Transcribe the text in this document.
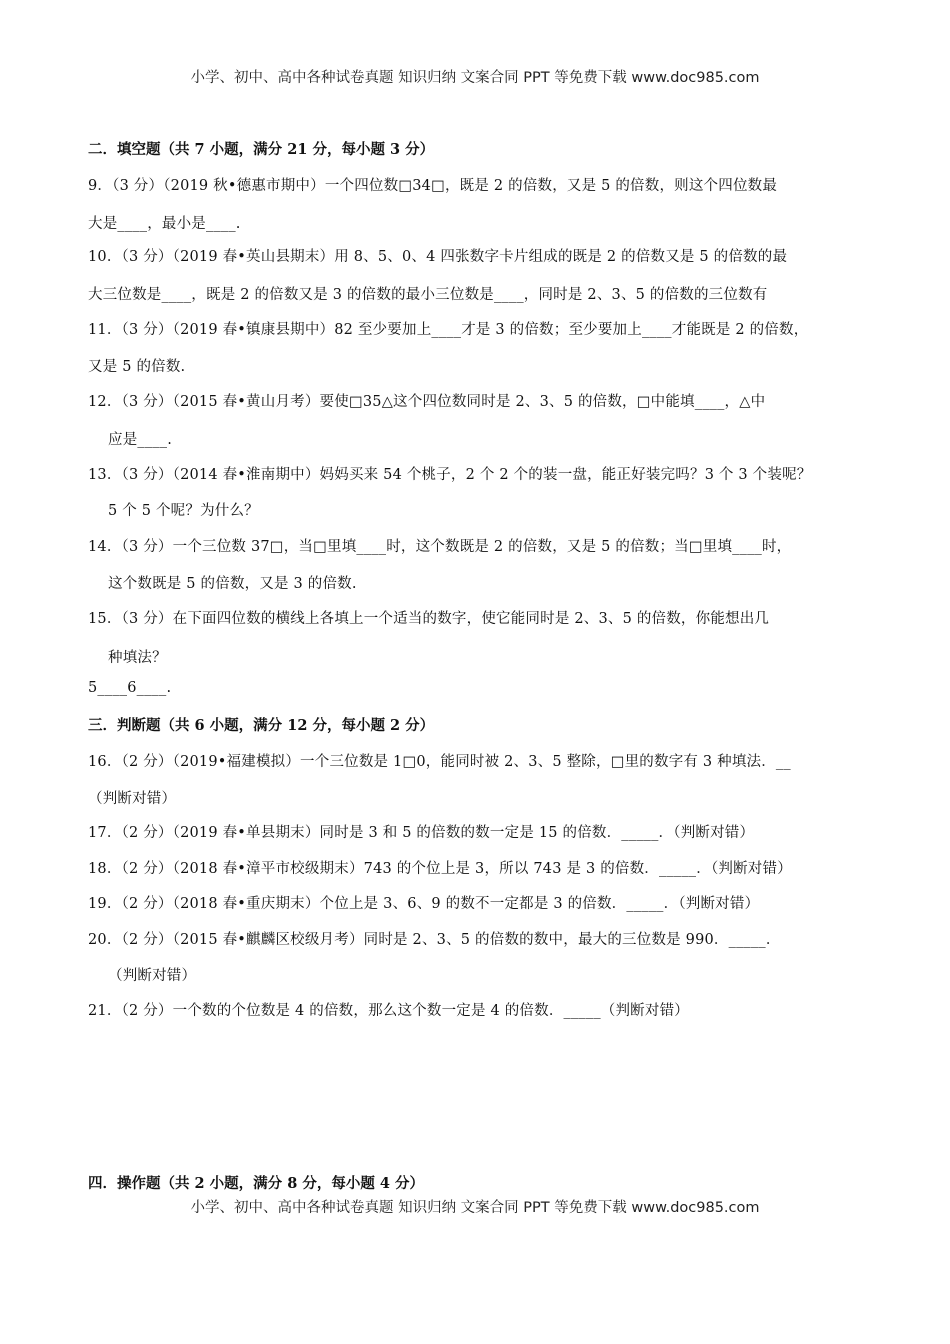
小学、初中、高中各种试卷真题 知识归纳 文案合同 PPT 等免费下载 www.doc985.com
二．填空题（共 7 小题，满分 21 分，每小题 3 分）
9．（3 分）（2019 秋•德惠市期中）一个四位数□34□，既是 2 的倍数，又是 5 的倍数，则这个四位数最
大是____，最小是____.
10．（3 分）（2019 春•英山县期末）用 8、5、0、4 四张数字卡片组成的既是 2 的倍数又是 5 的倍数的最
大三位数是____，既是 2 的倍数又是 3 的倍数的最小三位数是____，同时是 2、3、5 的倍数的三位数有
11．（3 分）（2019 春•镇康县期中）82 至少要加上____才是 3 的倍数；至少要加上____才能既是 2 的倍数，
又是 5 的倍数.
12．（3 分）（2015 春•黄山月考）要使□35△这个四位数同时是 2、3、5 的倍数，□中能填____，△中
应是____.
13．（3 分）（2014 春•淮南期中）妈妈买来 54 个桃子，2 个 2 个的装一盘，能正好装完吗？3 个 3 个装呢？
5 个 5 个呢？为什么？
14．（3 分）一个三位数 37□，当□里填____时，这个数既是 2 的倍数，又是 5 的倍数；当□里填____时，
这个数既是 5 的倍数，又是 3 的倍数.
15．（3 分）在下面四位数的横线上各填上一个适当的数字，使它能同时是 2、3、5 的倍数，你能想出几
种填法？
5____6____.
三．判断题（共 6 小题，满分 12 分，每小题 2 分）
16．（2 分）（2019•福建模拟）一个三位数是 1□0，能同时被 2、3、5 整除，□里的数字有 3 种填法．__
（判断对错）
17．（2 分）（2019 春•单县期末）同时是 3 和 5 的倍数的数一定是 15 的倍数．_____．（判断对错）
18．（2 分）（2018 春•漳平市校级期末）743 的个位上是 3，所以 743 是 3 的倍数．_____．（判断对错）
19．（2 分）（2018 春•重庆期末）个位上是 3、6、9 的数不一定都是 3 的倍数．_____．（判断对错）
20．（2 分）（2015 春•麒麟区校级月考）同时是 2、3、5 的倍数的数中，最大的三位数是 990．_____．
（判断对错）
21．（2 分）一个数的个位数是 4 的倍数，那么这个数一定是 4 的倍数．_____（判断对错）
四．操作题（共 2 小题，满分 8 分，每小题 4 分）
小学、初中、高中各种试卷真题 知识归纳 文案合同 PPT 等免费下载 www.doc985.com
